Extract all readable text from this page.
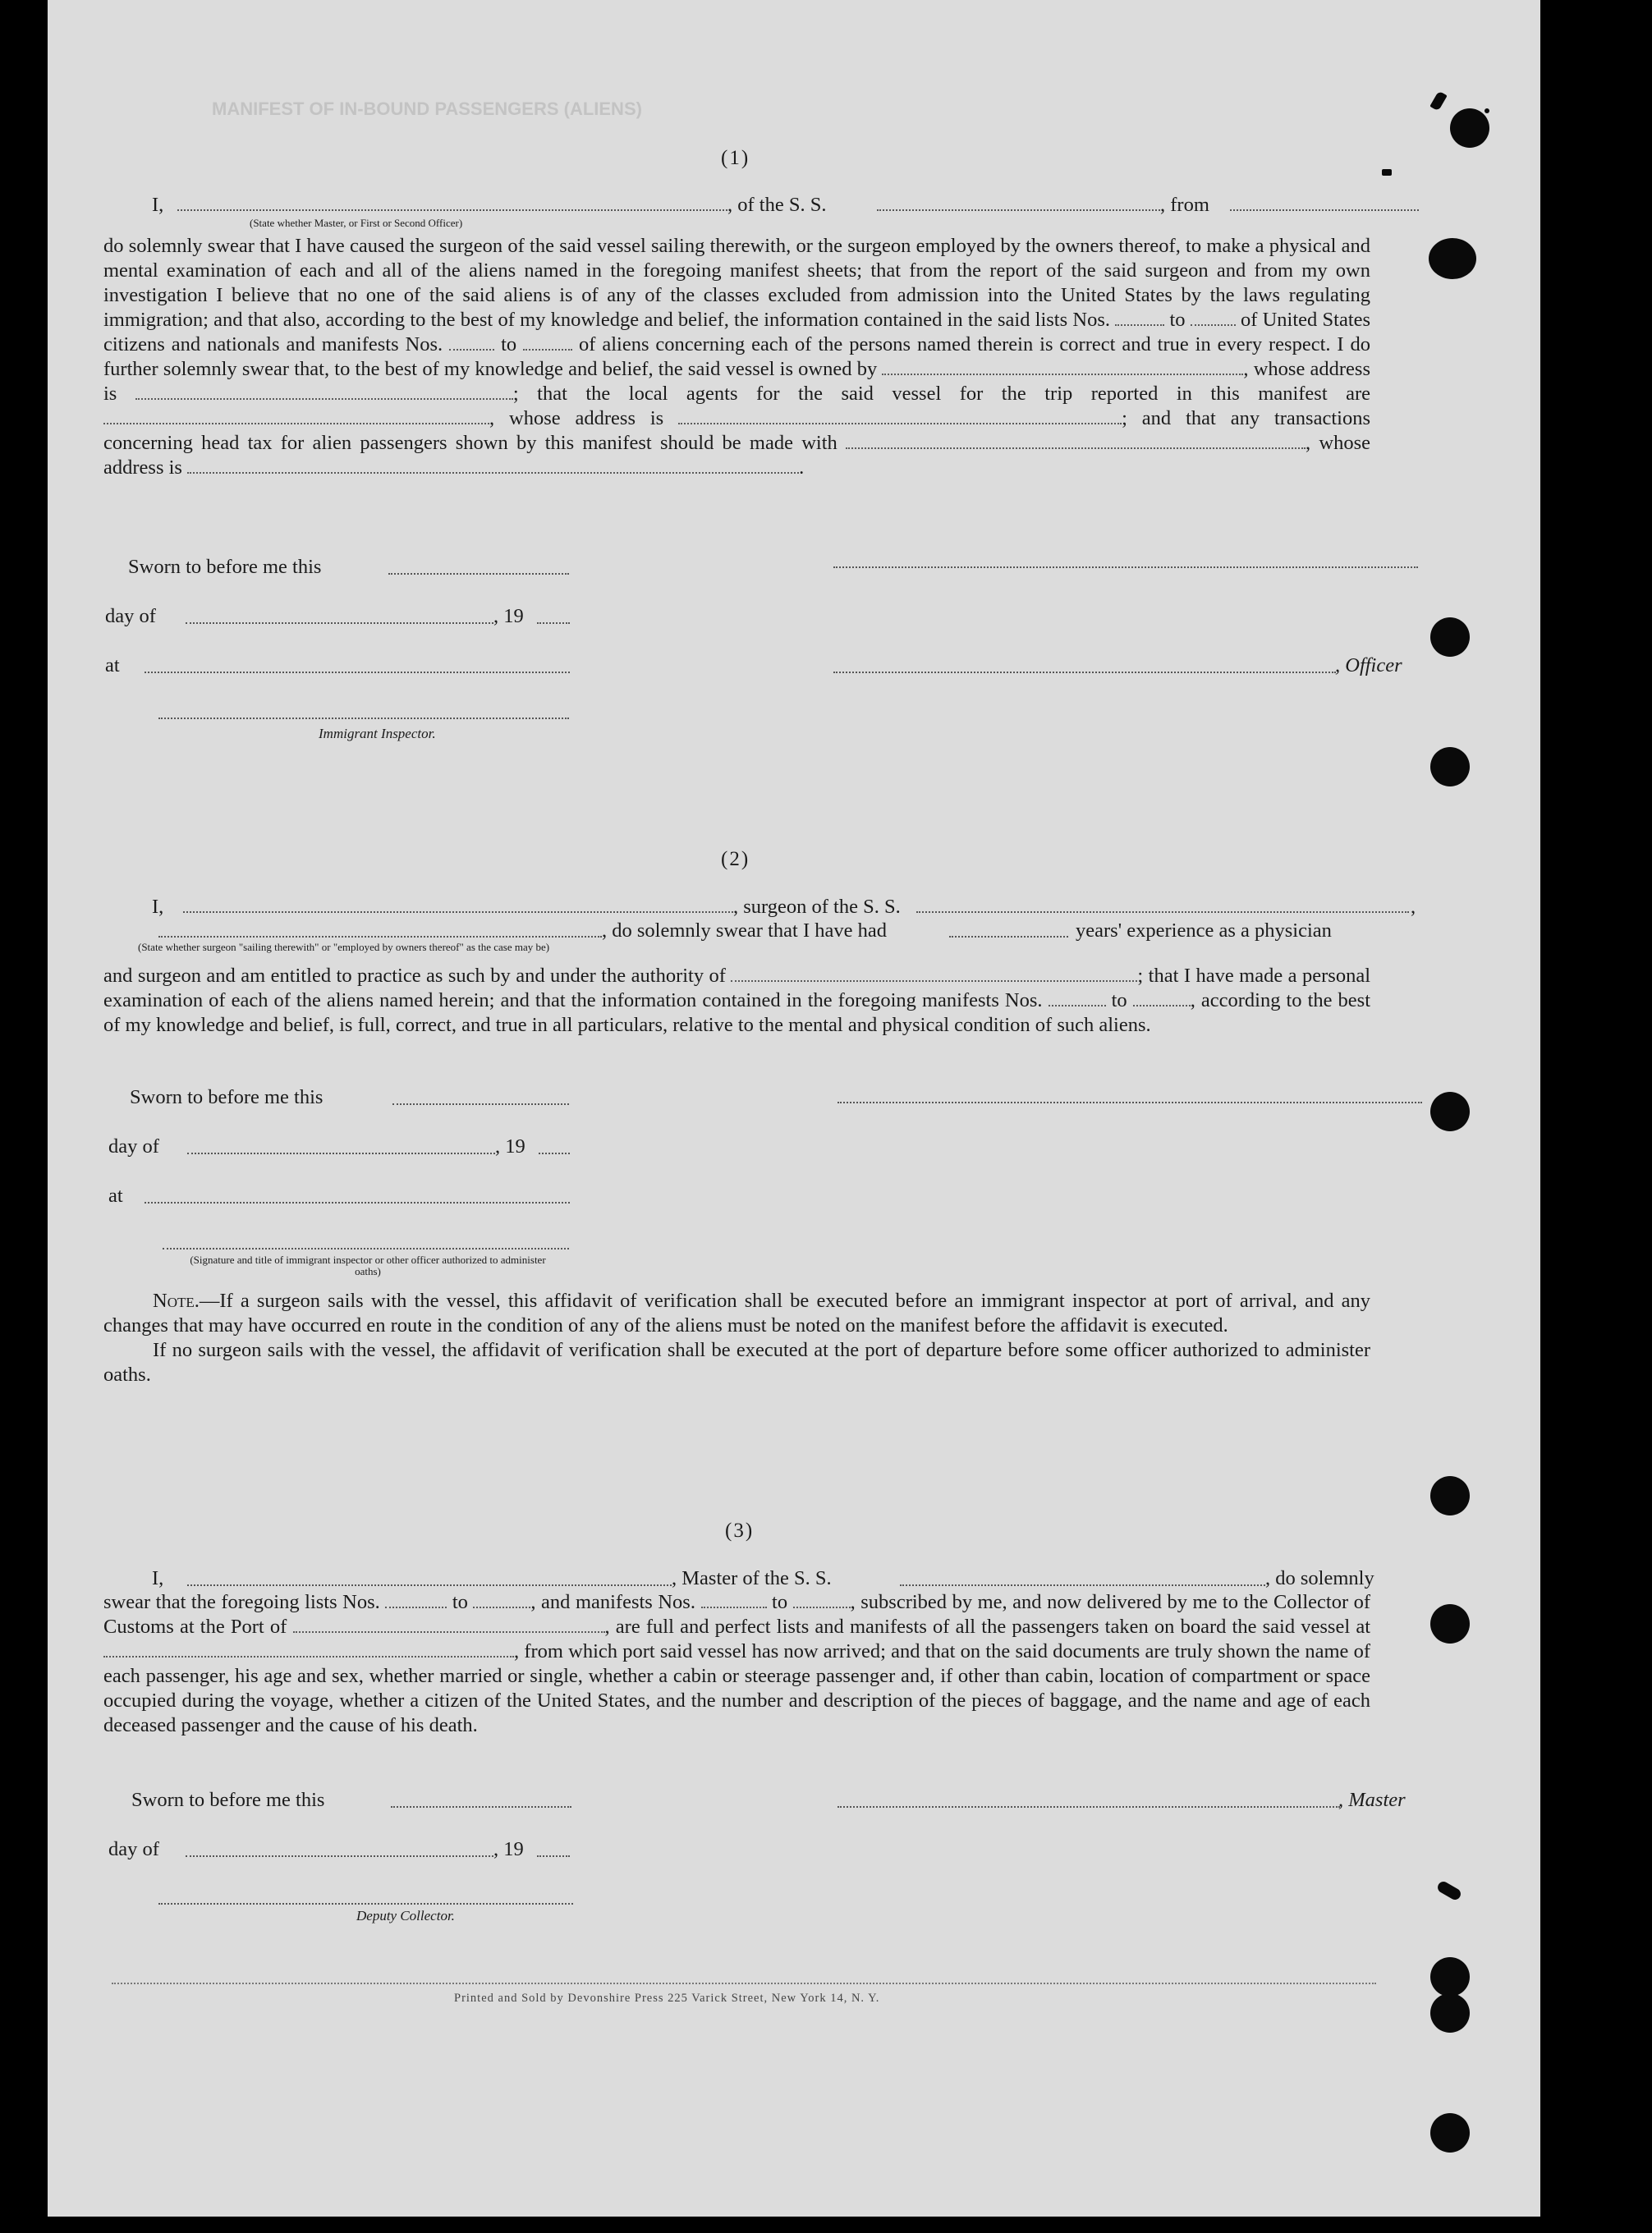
MANIFEST OF IN-BOUND PASSENGERS (ALIENS)
(1)
I,	, of the S. S.	, from
(State whether Master, or First or Second Officer)

do solemnly swear that I have caused the surgeon of the said vessel sailing therewith, or the surgeon employed by the owners thereof, to make a physical and mental examination of each and all of the aliens named in the foregoing manifest sheets; that from the report of the said surgeon and from my own investigation I believe that no one of the said aliens is of any of the classes excluded from admission into the United States by the laws regulating immigration; and that also, according to the best of my knowledge and belief, the information contained in the said lists Nos.	to	of United States citizens and nationals and manifests Nos.	to	of aliens concerning each of the persons named therein is correct and true in every respect. I do further solemnly swear that, to the best of my knowledge and belief, the said vessel is owned by	, whose address is	; that the local agents for the said vessel for the trip reported in this manifest are , whose address is	; and that any transactions concerning head tax for alien passengers shown by this manifest should be made with	, whose address is	.

Sworn to before me this
day of	, 19
at	, Officer
Immigrant Inspector.
(2)
I,	, surgeon of the S. S.	,
, do solemnly swear that I have had	years' experience as a physician
(State whether surgeon "sailing therewith" or "employed by owners thereof" as the case may be)

and surgeon and am entitled to practice as such by and under the authority of	; that I have made a personal examination of each of the aliens named herein; and that the information contained in the foregoing manifests Nos.	to	, according to the best of my knowledge and belief, is full, correct, and true in all particulars, relative to the mental and physical condition of such aliens.

Sworn to before me this
day of	, 19
at
(Signature and title of immigrant inspector or other officer authorized to administer oaths)

Note.—If a surgeon sails with the vessel, this affidavit of verification shall be executed before an immigrant inspector at port of arrival, and any changes that may have occurred en route in the condition of any of the aliens must be noted on the manifest before the affidavit is executed.

If no surgeon sails with the vessel, the affidavit of verification shall be executed at the port of departure before some officer authorized to administer oaths.

(3)
I,	, Master of the S. S.	, do solemnly

swear that the foregoing lists Nos.	to	, and manifests Nos.	to	, subscribed by me, and now delivered by me to the Collector of Customs at the Port of	, are full and perfect lists and manifests of all the passengers taken on board the said vessel at , from which port said vessel has now arrived; and that on the said documents are truly shown the name of each passenger, his age and sex, whether married or single, whether a cabin or steerage passenger and, if other than cabin, location of compartment or space occupied during the voyage, whether a citizen of the United States, and the number and description of the pieces of baggage, and the name and age of each deceased passenger and the cause of his death.

Sworn to before me this	, Master
day of	, 19
Deputy Collector.
Printed and Sold by Devonshire Press 225 Varick Street, New York 14, N. Y.
